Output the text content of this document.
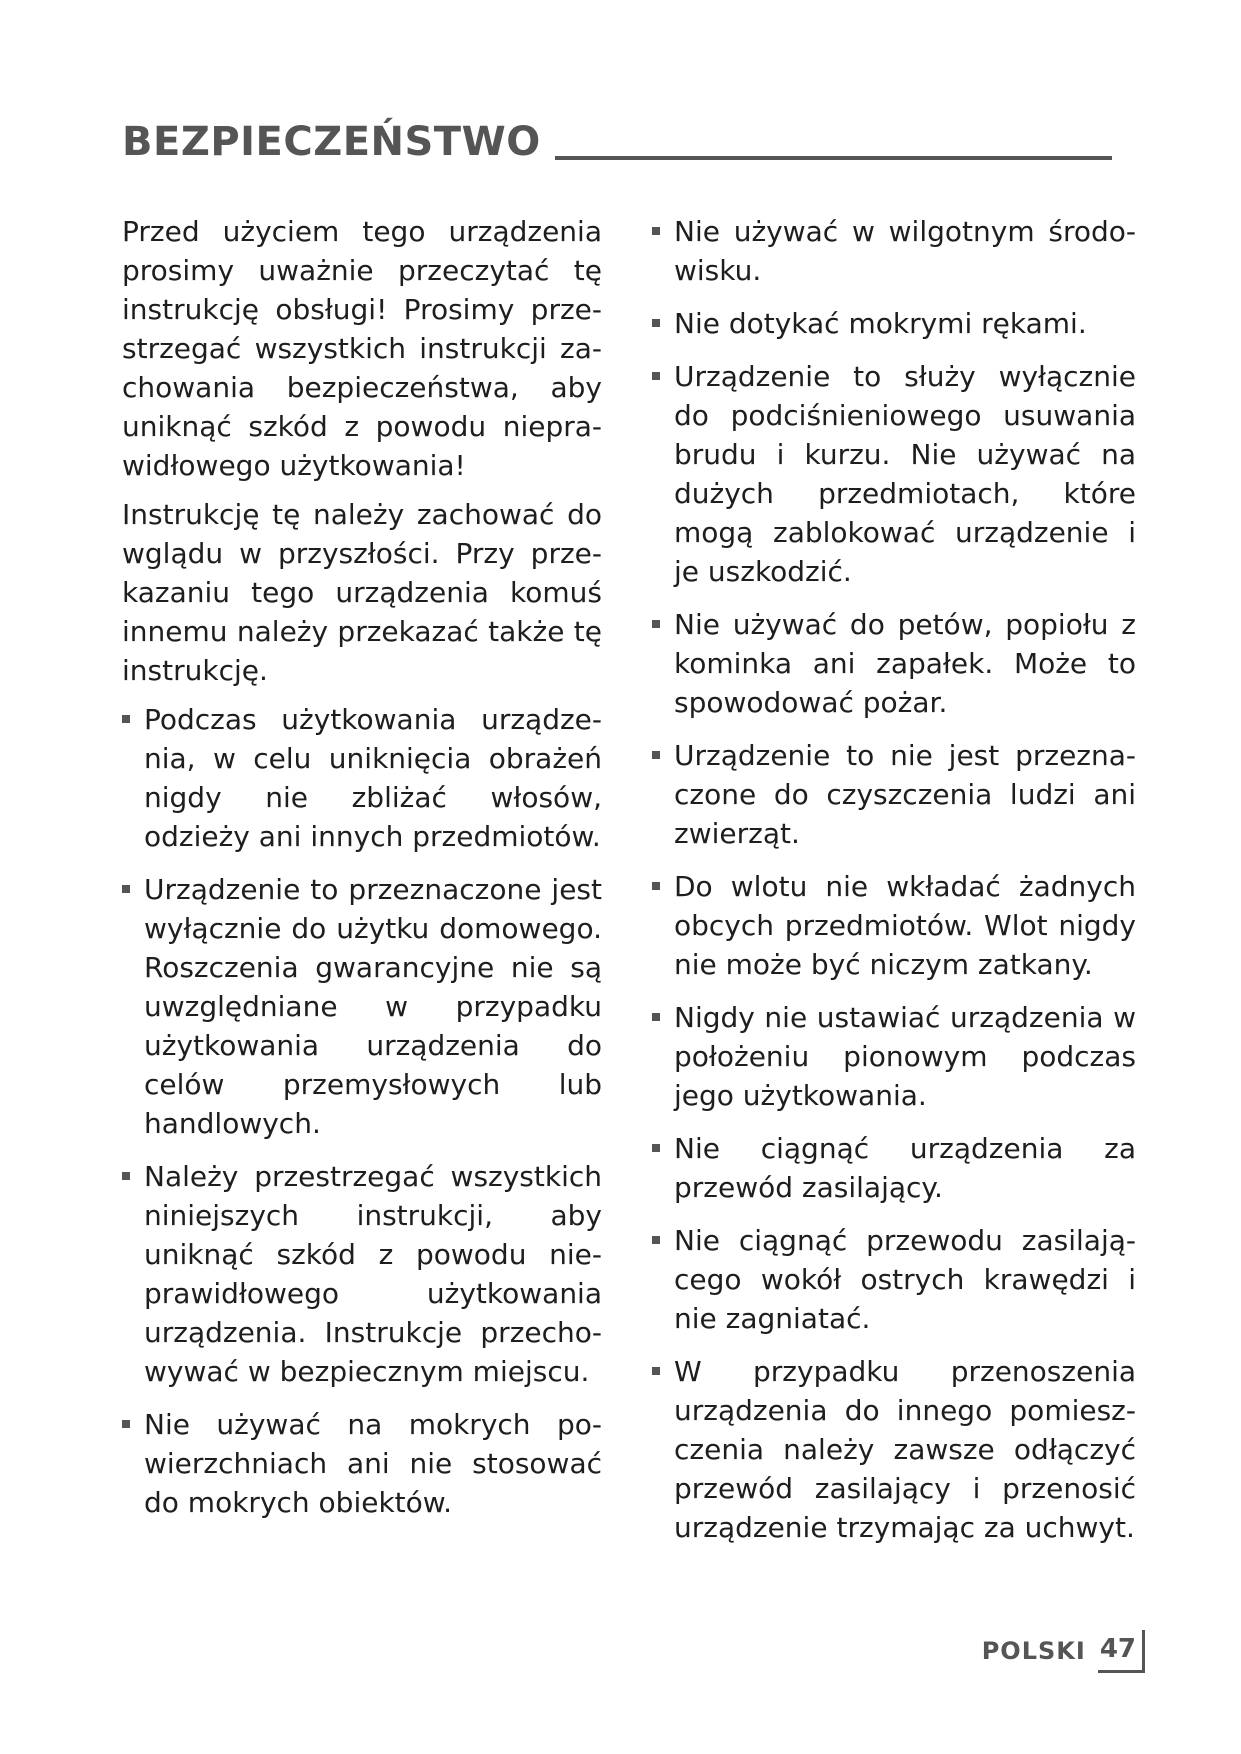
BEZPIECZEŃSTWO

Przed użyciem tego urządzenia prosimy uważnie przeczytać tę instrukcję obsługi! Prosimy przestrzegać wszystkich instrukcji zachowania bezpieczeństwa, aby uniknąć szkód z powodu nieprawidłowego użytkowania!

Instrukcję tę należy zachować do wglądu w przyszłości. Przy przekazaniu tego urządzenia komuś innemu należy przekazać także tę instrukcję.

Podczas użytkowania urządzenia, w celu uniknięcia obrażeń nigdy nie zbliżać włosów, odzieży ani innych przedmiotów.
Urządzenie to przeznaczone jest wyłącznie do użytku domowego. Roszczenia gwarancyjne nie są uwzględniane w przypadku użytkowania urządzenia do celów przemysłowych lub handlowych.
Należy przestrzegać wszystkich niniejszych instrukcji, aby uniknąć szkód z powodu nieprawidłowego użytkowania urządzenia. Instrukcje przechowywać w bezpiecznym miejscu.
Nie używać na mokrych powierzchniach ani nie stosować do mokrych obiektów.
Nie używać w wilgotnym środowisku.
Nie dotykać mokrymi rękami.
Urządzenie to służy wyłącznie do podciśnieniowego usuwania brudu i kurzu. Nie używać na dużych przedmiotach, które mogą zablokować urządzenie i je uszkodzić.
Nie używać do petów, popiołu z kominka ani zapałek. Może to spowodować pożar.
Urządzenie to nie jest przeznaczone do czyszczenia ludzi ani zwierząt.
Do wlotu nie wkładać żadnych obcych przedmiotów. Wlot nigdy nie może być niczym zatkany.
Nigdy nie ustawiać urządzenia w położeniu pionowym podczas jego użytkowania.
Nie ciągnąć urządzenia za przewód zasilający.
Nie ciągnąć przewodu zasilającego wokół ostrych krawędzi i nie zagniatać.
W przypadku przenoszenia urządzenia do innego pomieszczenia należy zawsze odłączyć przewód zasilający i przenosić urządzenie trzymając za uchwyt.
POLSKI 47
